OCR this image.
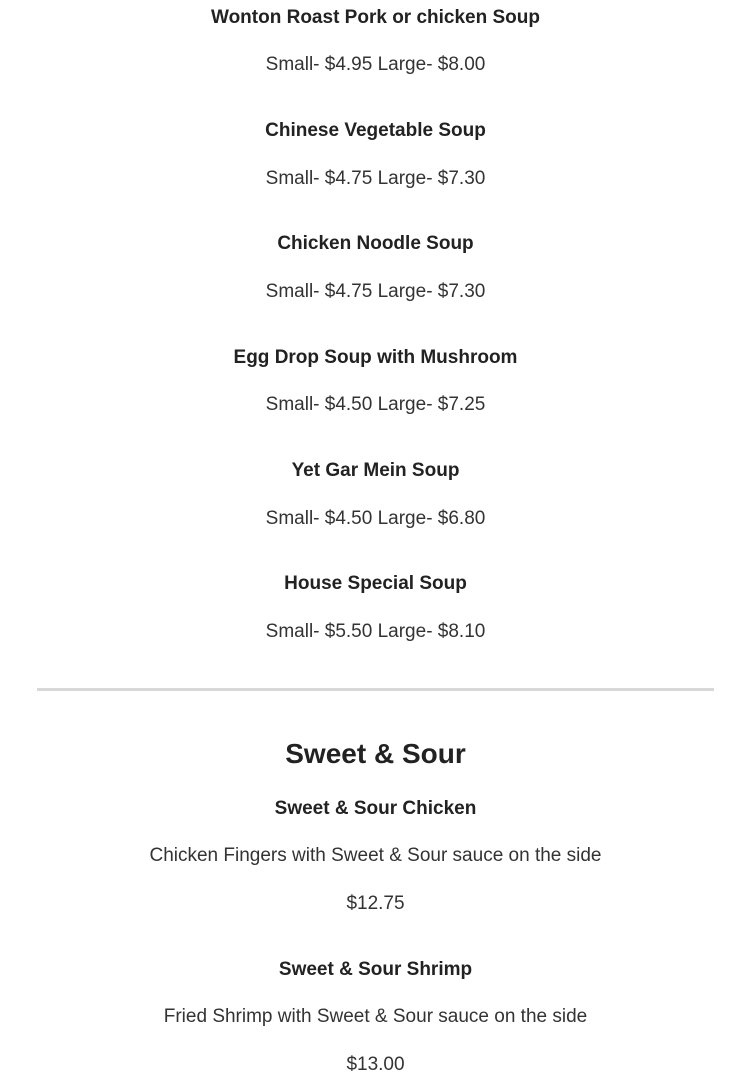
Wonton Roast Pork or chicken Soup
Small- $4.95 Large- $8.00
Chinese Vegetable Soup
Small- $4.75 Large- $7.30
Chicken Noodle Soup
Small- $4.75 Large- $7.30
Egg Drop Soup with Mushroom
Small- $4.50 Large- $7.25
Yet Gar Mein Soup
Small- $4.50 Large- $6.80
House Special Soup
Small- $5.50 Large- $8.10
Sweet & Sour
Sweet & Sour Chicken
Chicken Fingers with Sweet & Sour sauce on the side
$12.75
Sweet & Sour Shrimp
Fried Shrimp with Sweet & Sour sauce on the side
$13.00
